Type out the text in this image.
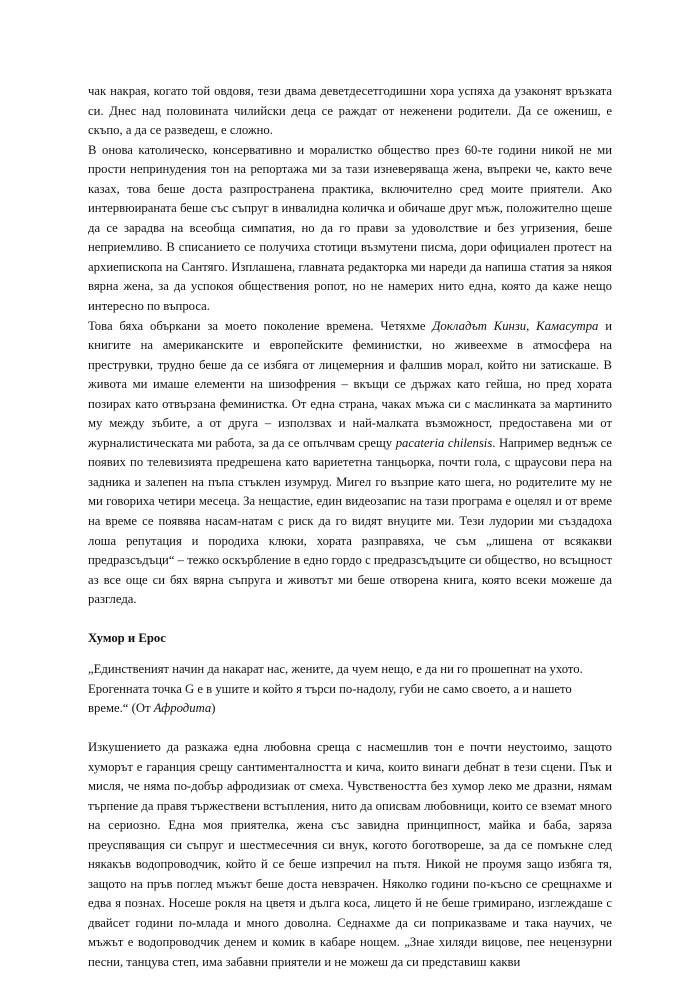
чак накрая, когато той овдовя, тези двама деветдесетгодишни хора успяха да узаконят връзката си. Днес над половината чилийски деца се раждат от неженени родители. Да се ожениш, е скъпо, а да се разведеш, е сложно.

В онова католическо, консервативно и моралистко общество през 60-те години никой не ми прости непринудения тон на репортажа ми за тази изневеряваща жена, въпреки че, както вече казах, това беше доста разпространена практика, включително сред моите приятели. Ако интервюираната беше със съпруг в инвалидна количка и обичаше друг мъж, положително щеше да се зарадва на всеобща симпатия, но да го прави за удоволствие и без угризения, беше неприемливо. В списанието се получиха стотици възмутени писма, дори официален протест на архиепископа на Сантяго. Изплашена, главната редакторка ми нареди да напиша статия за някоя вярна жена, за да успокоя обществения ропот, но не намерих нито една, която да каже нещо интересно по въпроса.

Това бяха объркани за моето поколение времена. Четяхме Докладът Кинзи, Камасутра и книгите на американските и европейските феминистки, но живеехме в атмосфера на преструвки, трудно беше да се избяга от лицемерния и фалшив морал, който ни затискаше. В живота ми имаше елементи на шизофрения – вкъщи се държах като гейша, но пред хората позирах като отвързана феминистка. От една страна, чаках мъжа си с маслинката за мартинито му между зъбите, а от друга – използвах и най-малката възможност, предоставена ми от журналистическата ми работа, за да се опълчвам срещу pacateria chilensis. Например веднъж се появих по телевизията предрешена като вариететна танцьорка, почти гола, с щраусови пера на задника и залепен на пъпа стъклен изумруд. Мигел го възприе като шега, но родителите му не ми говориха четири месеца. За нещастие, един видеозапис на тази програма е оцелял и от време на време се появява насам-натам с риск да го видят внуците ми. Тези лудории ми създадоха лоша репутация и породиха клюки, хората разправяха, че съм „лишена от всякакви предразсъдъци“ – тежко оскърбление в едно гордо с предразсъдъците си общество, но всъщност аз все още си бях вярна съпруга и животът ми беше отворена книга, която всеки можеше да разгледа.

Хумор и Ерос

„Единственият начин да накарат нас, жените, да чуем нещо, е да ни го прошепнат на ухото. Ерогенната точка G е в ушите и който я търси по-надолу, губи не само своето, а и нашето време.“ (От Афродита)

Изкушението да разкажа една любовна среща с насмешлив тон е почти неустоимо, защото хуморът е гаранция срещу сантименталността и кича, които винаги дебнат в тези сцени. Пък и мисля, че няма по-добър афродизиак от смеха. Чувствеността без хумор леко ме дразни, нямам търпение да правя тържествени встъпления, нито да описвам любовници, които се вземат много на сериозно. Една моя приятелка, жена със завидна принципност, майка и баба, заряза преуспяващия си съпруг и шестмесечния си внук, когото боготвореше, за да се помъкне след някакъв водопроводчик, който й се беше изпречил на пътя. Никой не проумя защо избяга тя, защото на пръв поглед мъжът беше доста невзрачен. Няколко години по-късно се срещнахме и едва я познах. Носеше рокля на цветя и дълга коса, лицето й не беше гримирано, изглеждаше с двайсет години по-млада и много доволна. Седнахме да си поприказваме и така научих, че мъжът е водопроводчик денем и комик в кабаре нощем. „Знае хиляди вицове, пее нецензурни песни, танцува степ, има забавни приятели и не можеш да си представиш какви
